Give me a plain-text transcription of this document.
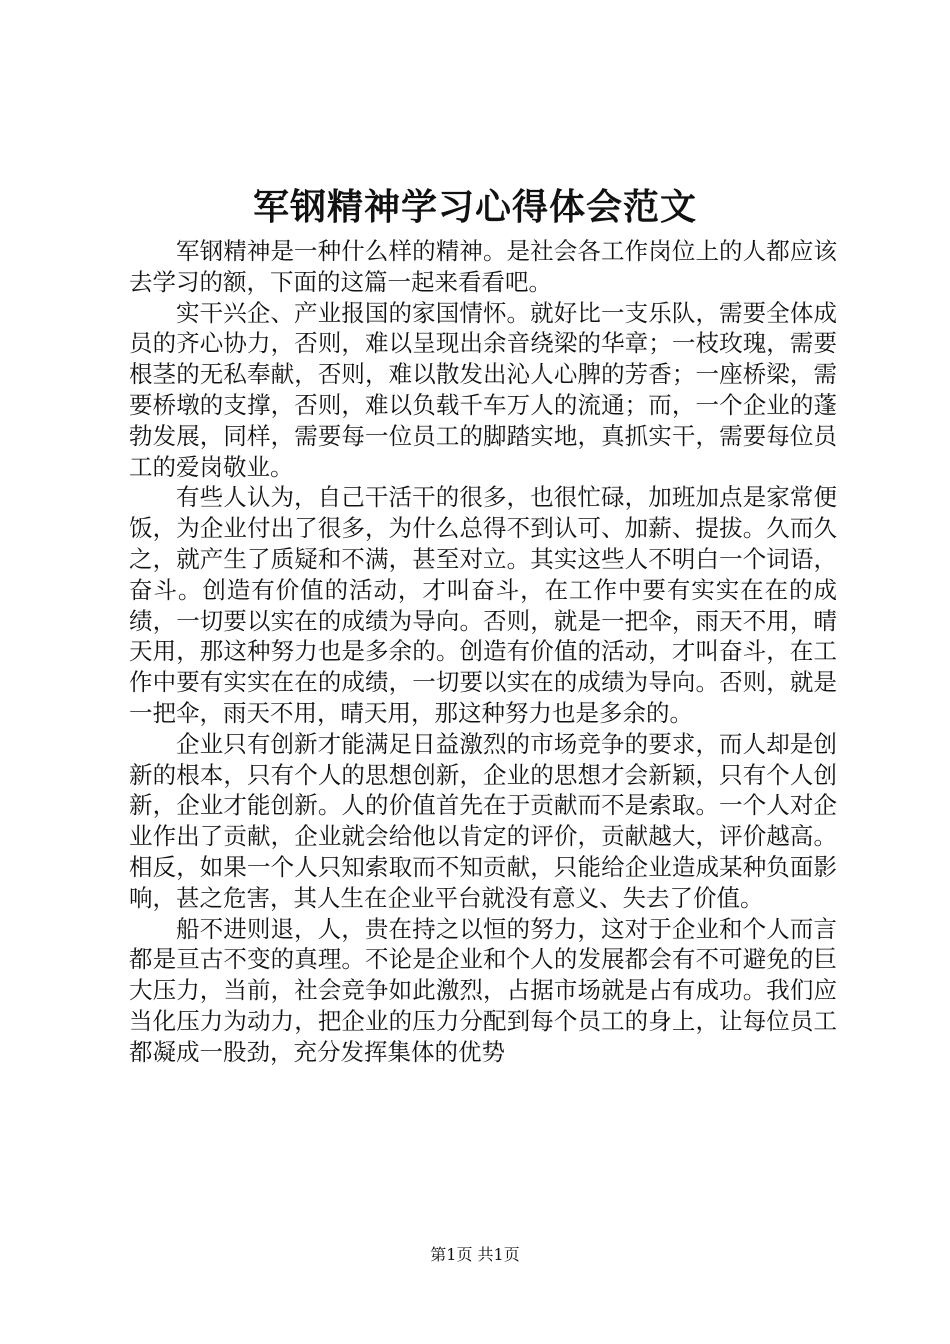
军钢精神学习心得体会范文

军钢精神是一种什么样的精神。是社会各工作岗位上的人都应该去学习的额，下面的这篇一起来看看吧。

实干兴企、产业报国的家国情怀。就好比一支乐队，需要全体成员的齐心协力，否则，难以呈现出余音绕梁的华章；一枝玫瑰，需要根茎的无私奉献，否则，难以散发出沁人心脾的芳香；一座桥梁，需要桥墩的支撑，否则，难以负载千车万人的流通；而，一个企业的蓬勃发展，同样，需要每一位员工的脚踏实地，真抓实干，需要每位员工的爱岗敬业。

有些人认为，自己干活干的很多，也很忙碌，加班加点是家常便饭，为企业付出了很多，为什么总得不到认可、加薪、提拔。久而久之，就产生了质疑和不满，甚至对立。其实这些人不明白一个词语，奋斗。创造有价值的活动，才叫奋斗，在工作中要有实实在在的成绩，一切要以实在的成绩为导向。否则，就是一把伞，雨天不用，晴天用，那这种努力也是多余的。创造有价值的活动，才叫奋斗，在工作中要有实实在在的成绩，一切要以实在的成绩为导向。否则，就是一把伞，雨天不用，晴天用，那这种努力也是多余的。

企业只有创新才能满足日益激烈的市场竞争的要求，而人却是创新的根本，只有个人的思想创新，企业的思想才会新颖，只有个人创新，企业才能创新。人的价值首先在于贡献而不是索取。一个人对企业作出了贡献，企业就会给他以肯定的评价，贡献越大，评价越高。相反，如果一个人只知索取而不知贡献，只能给企业造成某种负面影响，甚之危害，其人生在企业平台就没有意义、失去了价值。

船不进则退，人，贵在持之以恒的努力，这对于企业和个人而言都是亘古不变的真理。不论是企业和个人的发展都会有不可避免的巨大压力，当前，社会竞争如此激烈，占据市场就是占有成功。我们应当化压力为动力，把企业的压力分配到每个员工的身上，让每位员工都凝成一股劲，充分发挥集体的优势

第1页 共1页
